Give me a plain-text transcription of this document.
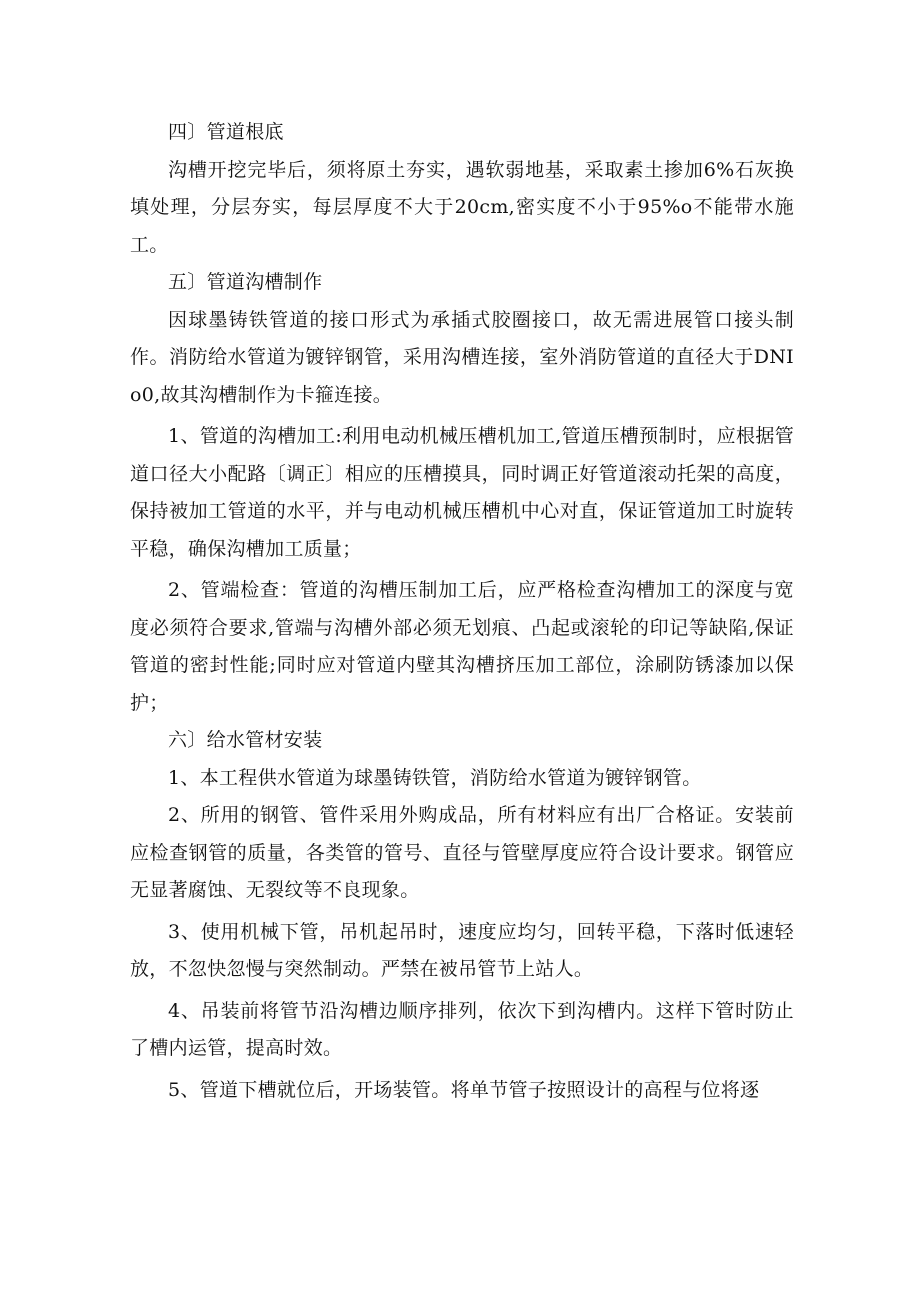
四〕管道根底

沟槽开挖完毕后，须将原土夯实，遇软弱地基，采取素土掺加6%石灰换填处理，分层夯实，每层厚度不大于20cm,密实度不小于95%o不能带水施工。

五〕管道沟槽制作

因球墨铸铁管道的接口形式为承插式胶圈接口，故无需进展管口接头制作。消防给水管道为镀锌钢管，采用沟槽连接，室外消防管道的直径大于DNIo0,故其沟槽制作为卡箍连接。

1、管道的沟槽加工:利用电动机械压槽机加工,管道压槽预制时，应根据管道口径大小配路〔调正〕相应的压槽摸具，同时调正好管道滚动托架的高度，保持被加工管道的水平，并与电动机械压槽机中心对直，保证管道加工时旋转平稳，确保沟槽加工质量；

2、管端检查：管道的沟槽压制加工后，应严格检查沟槽加工的深度与宽度必须符合要求,管端与沟槽外部必须无划痕、凸起或滚轮的印记等缺陷,保证管道的密封性能;同时应对管道内壁其沟槽挤压加工部位，涂刷防锈漆加以保护；

六〕给水管材安装

1、本工程供水管道为球墨铸铁管，消防给水管道为镀锌钢管。

2、所用的钢管、管件采用外购成品，所有材料应有出厂合格证。安装前应检查钢管的质量，各类管的管号、直径与管壁厚度应符合设计要求。钢管应无显著腐蚀、无裂纹等不良现象。

3、使用机械下管，吊机起吊时，速度应均匀，回转平稳，下落时低速轻放，不忽快忽慢与突然制动。严禁在被吊管节上站人。

4、吊装前将管节沿沟槽边顺序排列，依次下到沟槽内。这样下管时防止了槽内运管，提高时效。

5、管道下槽就位后，开场装管。将单节管子按照设计的高程与位将逐
